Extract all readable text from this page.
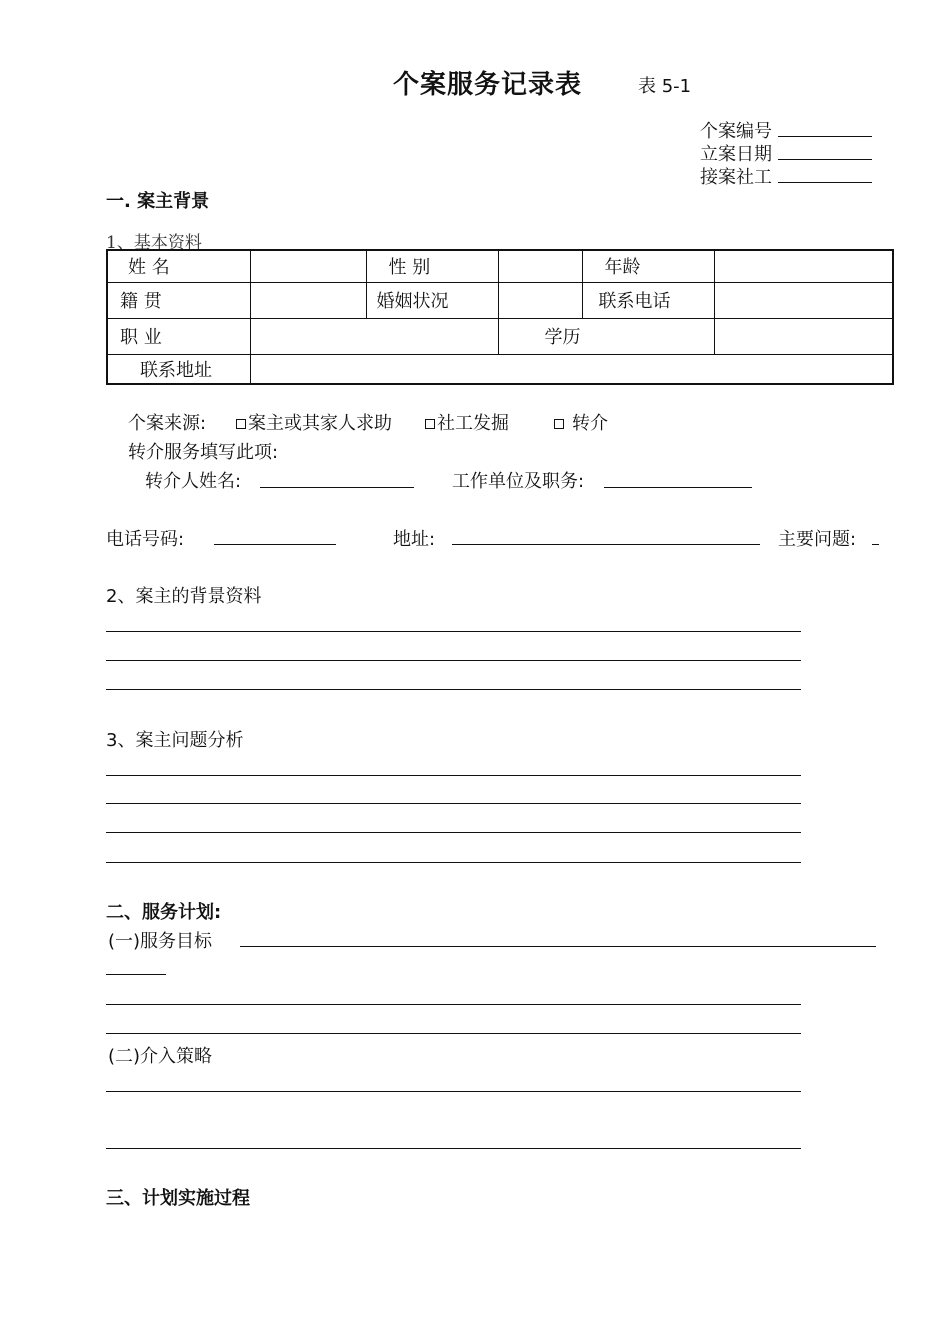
个案服务记录表	表 5-1
个案编号
立案日期
接案社工
一. 案主背景
1、基本资料
姓 名		性 别		年龄	
籍 贯		婚姻状况		联系电话	
职 业			学历		
联系地址					
个案来源:	案主或其家人求助	社工发掘	转介
转介服务填写此项:
转介人姓名:	工作单位及职务:
电话号码:	地址:	主要问题:
2、案主的背景资料
3、案主问题分析
二、服务计划:
(一)服务目标
(二)介入策略
三、计划实施过程
